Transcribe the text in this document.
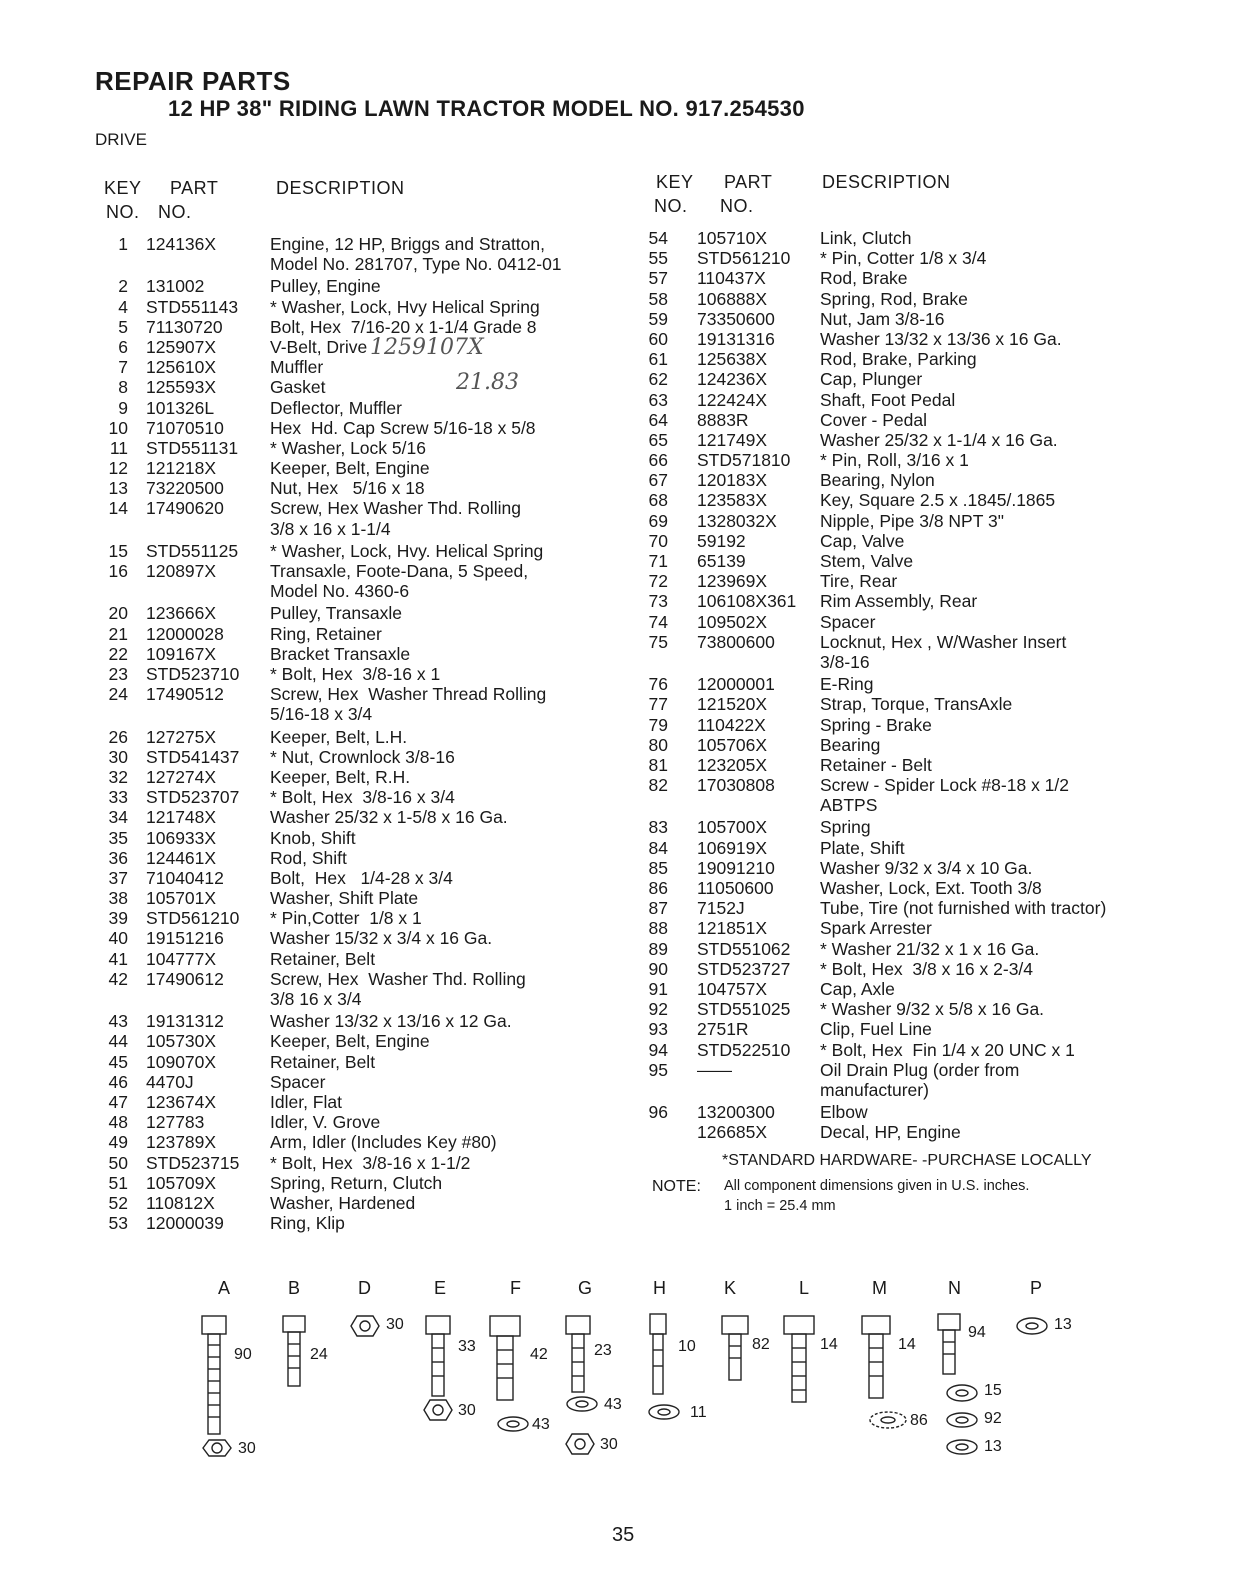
REPAIR PARTS
12 HP 38" RIDING LAWN TRACTOR MODEL NO. 917.254530
DRIVE
KEY
NO.
PART
NO.
DESCRIPTION	KEY
NO.
PART
NO.
DESCRIPTION
1 124136X	Engine, 12 HP, Briggs and Stratton,
Model No. 281707, Type No. 0412-01
2 131002	Pulley, Engine
4 STD551143 * Washer, Lock, Hvy Helical Spring
5 71130720	Bolt, Hex  7/16-20 x 1-1/4 Grade 8
6 125907X	V-Belt, Drive
7 125610X	Muffler
8 125593X	Gasket
9 101326L	Deflector, Muffler
10 71070510	Hex  Hd. Cap Screw 5/16-18 x 5/8
11 STD551131 * Washer, Lock 5/16
12 121218X	Keeper, Belt, Engine
13 73220500	Nut, Hex   5/16 x 18
14 17490620	Screw, Hex Washer Thd. Rolling
3/8 x 16 x 1-1/4
15 STD551125 * Washer, Lock, Hvy. Helical Spring
16 120897X	Transaxle, Foote-Dana, 5 Speed,
Model No. 4360-6
20 123666X	Pulley, Transaxle
21 12000028	Ring, Retainer
22 109167X	Bracket Transaxle
23 STD523710 * Bolt, Hex  3/8-16 x 1
24 17490512	Screw, Hex  Washer Thread Rolling
5/16-18 x 3/4
26 127275X	Keeper, Belt, L.H.
30 STD541437 * Nut, Crownlock 3/8-16
32 127274X	Keeper, Belt, R.H.
33 STD523707 * Bolt, Hex  3/8-16 x 3/4
34 121748X	Washer 25/32 x 1-5/8 x 16 Ga.
35 106933X	Knob, Shift
36 124461X	Rod, Shift
37 71040412	Bolt,  Hex   1/4-28 x 3/4
38 105701X	Washer, Shift Plate
39 STD561210 * Pin,Cotter  1/8 x 1
40 19151216	Washer 15/32 x 3/4 x 16 Ga.
41 104777X	Retainer, Belt
42 17490612	Screw, Hex  Washer Thd. Rolling
3/8 16 x 3/4
43 19131312	Washer 13/32 x 13/16 x 12 Ga.
44 105730X	Keeper, Belt, Engine
45 109070X	Retainer, Belt
46 4470J	Spacer
47 123674X	Idler, Flat
48 127783	Idler, V. Grove
49 123789X	Arm, Idler (Includes Key #80)
50 STD523715 * Bolt, Hex  3/8-16 x 1-1/2
51 105709X	Spring, Return, Clutch
52 110812X	Washer, Hardened
53 12000039	Ring, Klip
54 105710X	Link, Clutch
55 STD561210 * Pin, Cotter 1/8 x 3/4
57 110437X	Rod, Brake
58 106888X	Spring, Rod, Brake
59 73350600	Nut, Jam 3/8-16
60 19131316	Washer 13/32 x 13/36 x 16 Ga.
61 125638X	Rod, Brake, Parking
62 124236X	Cap, Plunger
63 122424X	Shaft, Foot Pedal
64 8883R	Cover - Pedal
65 121749X	Washer 25/32 x 1-1/4 x 16 Ga.
66 STD571810 * Pin, Roll, 3/16 x 1
67 120183X	Bearing, Nylon
68 123583X	Key, Square 2.5 x .1845/.1865
69 1328032X Nipple, Pipe 3/8 NPT 3"
70 59192	Cap, Valve
71 65139	Stem, Valve
72 123969X	Tire, Rear
73 106108X361 Rim Assembly, Rear
74 109502X	Spacer
75 73800600	Locknut, Hex , W/Washer Insert
3/8-16
76 12000001	E-Ring
77 121520X	Strap, Torque, TransAxle
79 110422X	Spring - Brake
80 105706X	Bearing
81 123205X	Retainer - Belt
82 17030808	Screw - Spider Lock #8-18 x 1/2
ABTPS
83 105700X	Spring
84 106919X	Plate, Shift
85 19091210	Washer 9/32 x 3/4 x 10 Ga.
86 11050600	Washer, Lock, Ext. Tooth 3/8
87 7152J	Tube, Tire (not furnished with tractor)
88 121851X	Spark Arrester
89 STD551062 * Washer 21/32 x 1 x 16 Ga.
90 STD523727 * Bolt, Hex  3/8 x 16 x 2-3/4
91 104757X	Cap, Axle
92 STD551025 * Washer 9/32 x 5/8 x 16 Ga.
93 2751R	Clip, Fuel Line
94 STD522510 * Bolt, Hex  Fin 1/4 x 20 UNC x 1
95 ——	Oil Drain Plug (order from
manufacturer)
96 13200300	Elbow
126685X	Decal, HP, Engine
1259107X
21.83
*STANDARD HARDWARE- -PURCHASE LOCALLY
NOTE: All component dimensions given in U.S. inches.
1 inch = 25.4 mm
A	B	D	E	F	G	H	K	L	M	N	P
90
30
24
30
33
30
42
43
23
43
30
10
11
82	14	14
86
94
15
92
13
13
35
